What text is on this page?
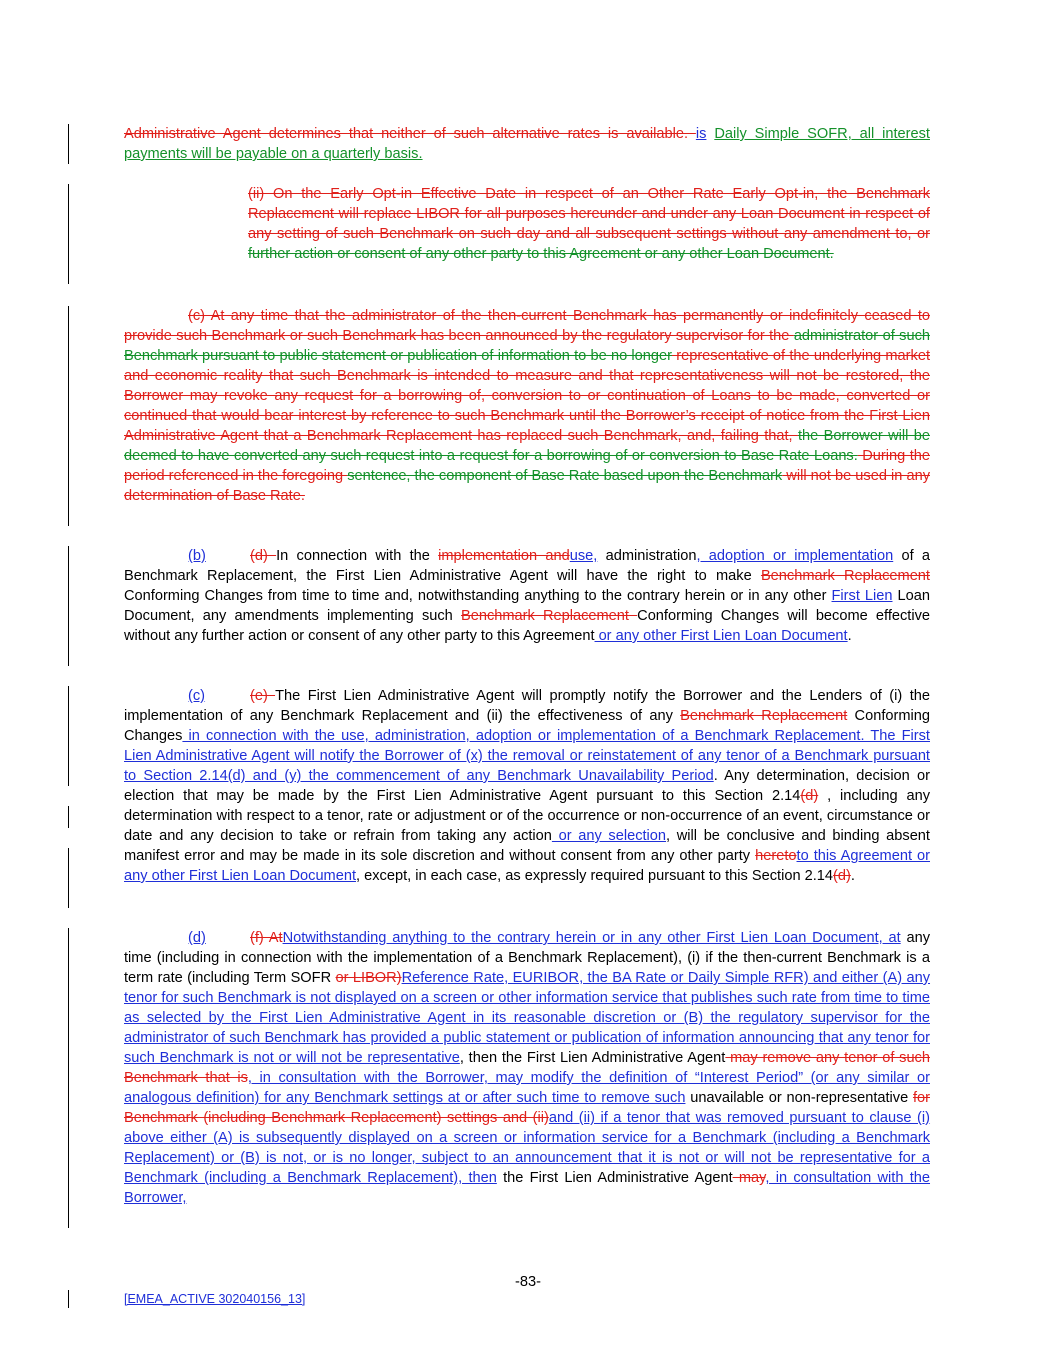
Administrative Agent determines that neither of such alternative rates is available. is Daily Simple SOFR, all interest payments will be payable on a quarterly basis.

(ii) On the Early Opt-in Effective Date in respect of an Other Rate Early Opt-in, the Benchmark Replacement will replace LIBOR for all purposes hereunder and under any Loan Document in respect of any setting of such Benchmark on such day and all subsequent settings without any amendment to, or further action or consent of any other party to this Agreement or any other Loan Document.

(c) At any time that the administrator of the then-current Benchmark has permanently or indefinitely ceased to provide such Benchmark or such Benchmark has been announced by the regulatory supervisor for the administrator of such Benchmark pursuant to public statement or publication of information to be no longer representative of the underlying market and economic reality that such Benchmark is intended to measure and that representativeness will not be restored, the Borrower may revoke any request for a borrowing of, conversion to or continuation of Loans to be made, converted or continued that would bear interest by reference to such Benchmark until the Borrower’s receipt of notice from the First Lien Administrative Agent that a Benchmark Replacement has replaced such Benchmark, and, failing that, the Borrower will be deemed to have converted any such request into a request for a borrowing of or conversion to Base Rate Loans. During the period referenced in the foregoing sentence, the component of Base Rate based upon the Benchmark will not be used in any determination of Base Rate.

(b)	(d) In connection with the implementation anduse, administration, adoption or implementation of a Benchmark Replacement, the First Lien Administrative Agent will have the right to make Benchmark Replacement Conforming Changes from time to time and, notwithstanding anything to the contrary herein or in any other First Lien Loan Document, any amendments implementing such Benchmark Replacement Conforming Changes will become effective without any further action or consent of any other party to this Agreement or any other First Lien Loan Document.

(c)	(e) The First Lien Administrative Agent will promptly notify the Borrower and the Lenders of (i) the implementation of any Benchmark Replacement and (ii) the effectiveness of any Benchmark Replacement Conforming Changes in connection with the use, administration, adoption or implementation of a Benchmark Replacement. The First Lien Administrative Agent will notify the Borrower of (x) the removal or reinstatement of any tenor of a Benchmark pursuant to Section 2.14(d) and (y) the commencement of any Benchmark Unavailability Period. Any determination, decision or election that may be made by the First Lien Administrative Agent pursuant to this Section 2.14(d) , including any determination with respect to a tenor, rate or adjustment or of the occurrence or non-occurrence of an event, circumstance or date and any decision to take or refrain from taking any action or any selection, will be conclusive and binding absent manifest error and may be made in its sole discretion and without consent from any other party heretoto this Agreement or any other First Lien Loan Document, except, in each case, as expressly required pursuant to this Section 2.14(d).

(d)	(f) AtNotwithstanding anything to the contrary herein or in any other First Lien Loan Document, at any time (including in connection with the implementation of a Benchmark Replacement), (i) if the then-current Benchmark is a term rate (including Term SOFR or LIBOR)Reference Rate, EURIBOR, the BA Rate or Daily Simple RFR) and either (A) any tenor for such Benchmark is not displayed on a screen or other information service that publishes such rate from time to time as selected by the First Lien Administrative Agent in its reasonable discretion or (B) the regulatory supervisor for the administrator of such Benchmark has provided a public statement or publication of information announcing that any tenor for such Benchmark is not or will not be representative, then the First Lien Administrative Agent may remove any tenor of such Benchmark that is, in consultation with the Borrower, may modify the definition of “Interest Period” (or any similar or analogous definition) for any Benchmark settings at or after such time to remove such unavailable or non-representative for Benchmark (including Benchmark Replacement) settings and (ii)and (ii) if a tenor that was removed pursuant to clause (i) above either (A) is subsequently displayed on a screen or information service for a Benchmark (including a Benchmark Replacement) or (B) is not, or is no longer, subject to an announcement that it is not or will not be representative for a Benchmark (including a Benchmark Replacement), then the First Lien Administrative Agent may, in consultation with the Borrower,

-83-
[EMEA_ACTIVE 302040156_13]
